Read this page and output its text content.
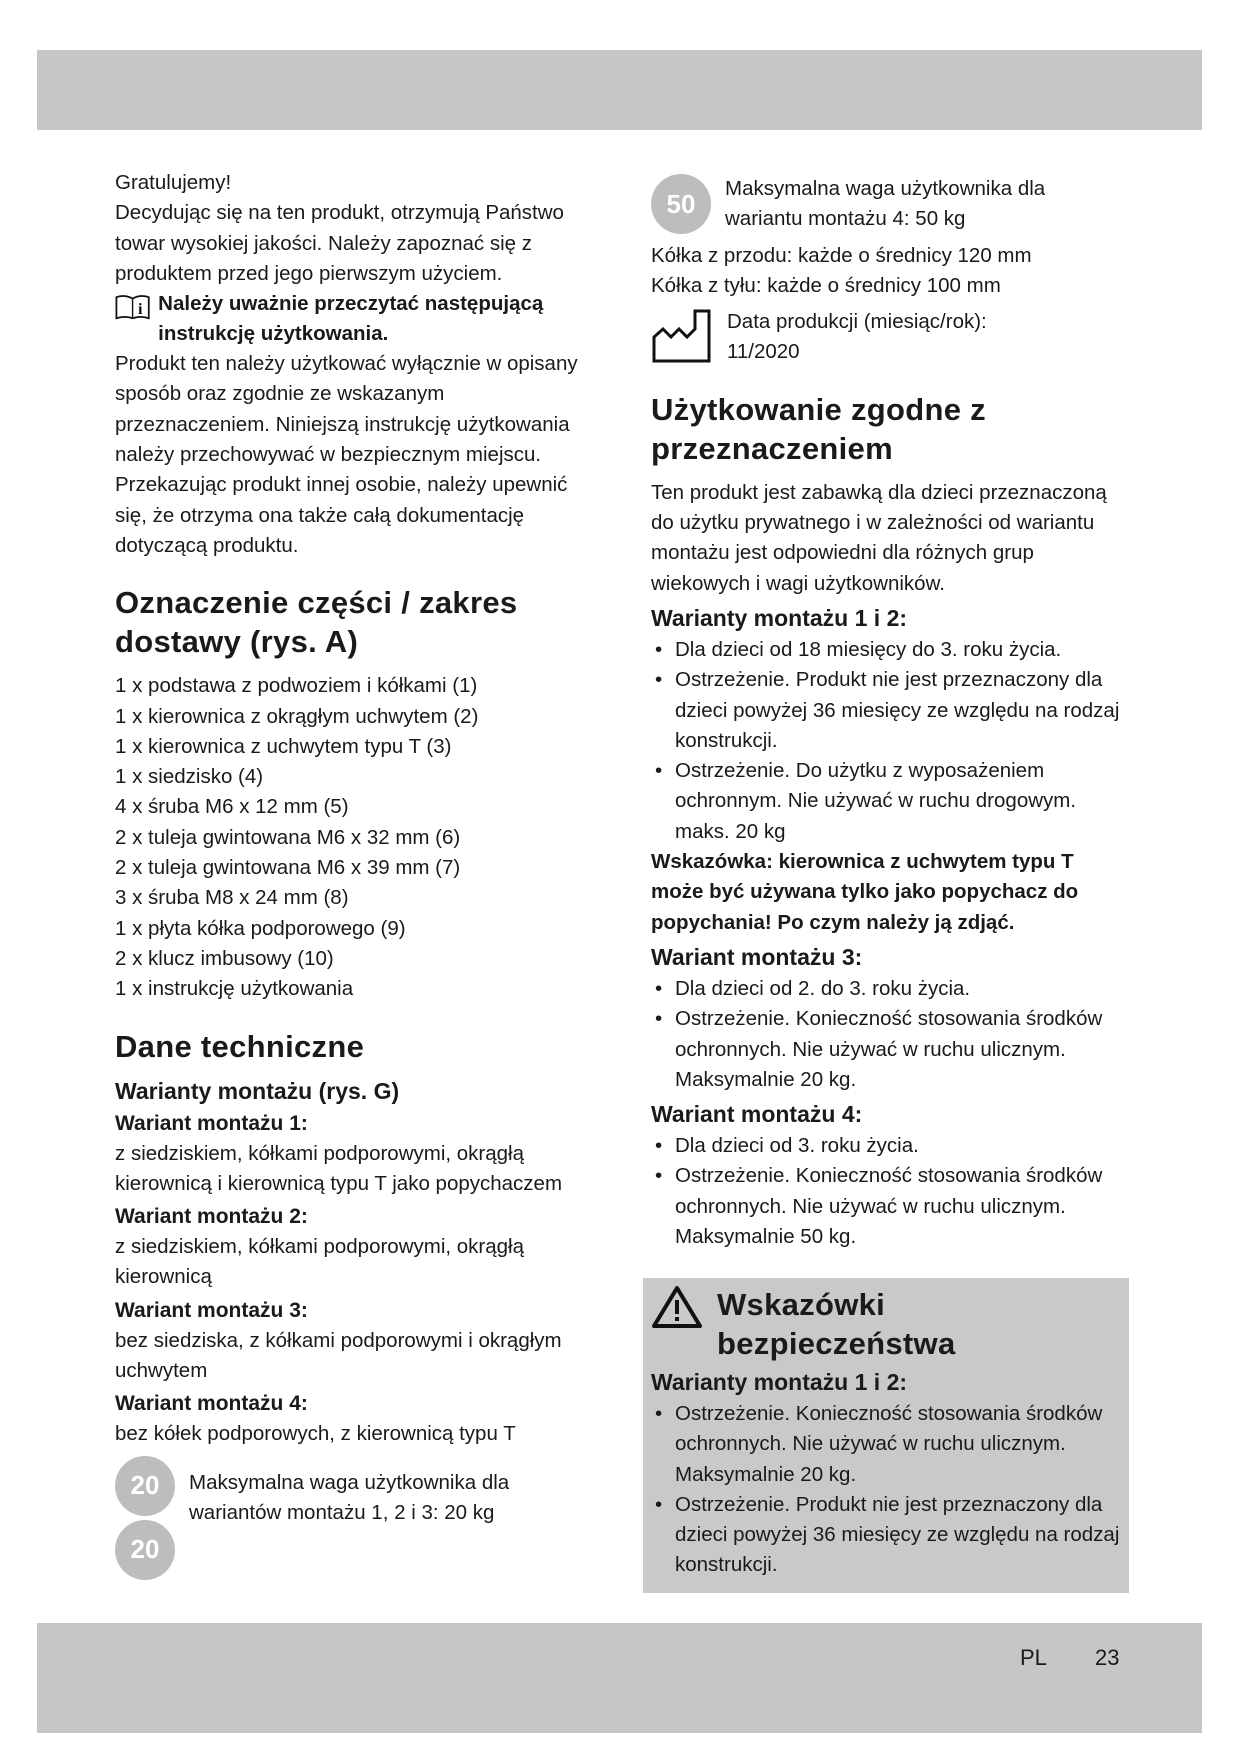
Gratulujemy!

Decydując się na ten produkt, otrzymują Państwo towar wysokiej jakości. Należy zapoznać się z produktem przed jego pierwszym użyciem.

i Należy uważnie przeczytać następującą instrukcję użytkowania.

Produkt ten należy użytkować wyłącznie w opisany sposób oraz zgodnie ze wskazanym przeznaczeniem. Niniejszą instrukcję użytkowania należy przechowywać w bezpiecznym miejscu. Przekazując produkt innej osobie, należy upewnić się, że otrzyma ona także całą dokumentację dotyczącą produktu.

Oznaczenie części / zakres dostawy (rys. A)

1 x podstawa z podwoziem i kółkami (1)

1 x kierownica z okrągłym uchwytem (2)

1 x kierownica z uchwytem typu T (3)

1 x siedzisko (4)

4 x śruba M6 x 12 mm (5)

2 x tuleja gwintowana M6 x 32 mm (6)

2 x tuleja gwintowana M6 x 39 mm (7)

3 x śruba M8 x 24 mm (8)

1 x płyta kółka podporowego (9)

2 x klucz imbusowy (10)

1 x instrukcję użytkowania

Dane techniczne
Warianty montażu (rys. G)
Wariant montażu 1:

z siedziskiem, kółkami podporowymi, okrągłą kierownicą i kierownicą typu T jako popychaczem

Wariant montażu 2:

z siedziskiem, kółkami podporowymi, okrągłą kierownicą

Wariant montażu 3:

bez siedziska, z kółkami podporowymi i okrągłym uchwytem

Wariant montażu 4:

bez kółek podporowych, z kierownicą typu T

20
20

Maksymalna waga użytkownika dla wariantów montażu 1, 2 i 3: 20 kg

50

Maksymalna waga użytkownika dla wariantu montażu 4: 50 kg

Kółka z przodu: każde o średnicy 120 mm

Kółka z tyłu: każde o średnicy 100 mm

Data produkcji (miesiąc/rok):

11/2020

Użytkowanie zgodne z przeznaczeniem

Ten produkt jest zabawką dla dzieci przeznaczoną do użytku prywatnego i w zależności od wariantu montażu jest odpowiedni dla różnych grup wiekowych i wagi użytkowników.

Warianty montażu 1 i 2:
• Dla dzieci od 18 miesięcy do 3. roku życia.
• Ostrzeżenie. Produkt nie jest przeznaczony dla dzieci powyżej 36 miesięcy ze względu na rodzaj konstrukcji.
• Ostrzeżenie. Do użytku z wyposażeniem ochronnym. Nie używać w ruchu drogowym. maks. 20 kg

Wskazówka: kierownica z uchwytem typu T może być używana tylko jako popychacz do popychania! Po czym należy ją zdjąć.

Wariant montażu 3:
• Dla dzieci od 2. do 3. roku życia.
• Ostrzeżenie. Konieczność stosowania środków ochronnych. Nie używać w ruchu ulicznym. Maksymalnie 20 kg.
Wariant montażu 4:
• Dla dzieci od 3. roku życia.
• Ostrzeżenie. Konieczność stosowania środków ochronnych. Nie używać w ruchu ulicznym. Maksymalnie 50 kg.
Wskazówki bezpieczeństwa
Warianty montażu 1 i 2:
• Ostrzeżenie. Konieczność stosowania środków ochronnych. Nie używać w ruchu ulicznym. Maksymalnie 20 kg.
• Ostrzeżenie. Produkt nie jest przeznaczony dla dzieci powyżej 36 miesięcy ze względu na rodzaj konstrukcji.
PL 23
